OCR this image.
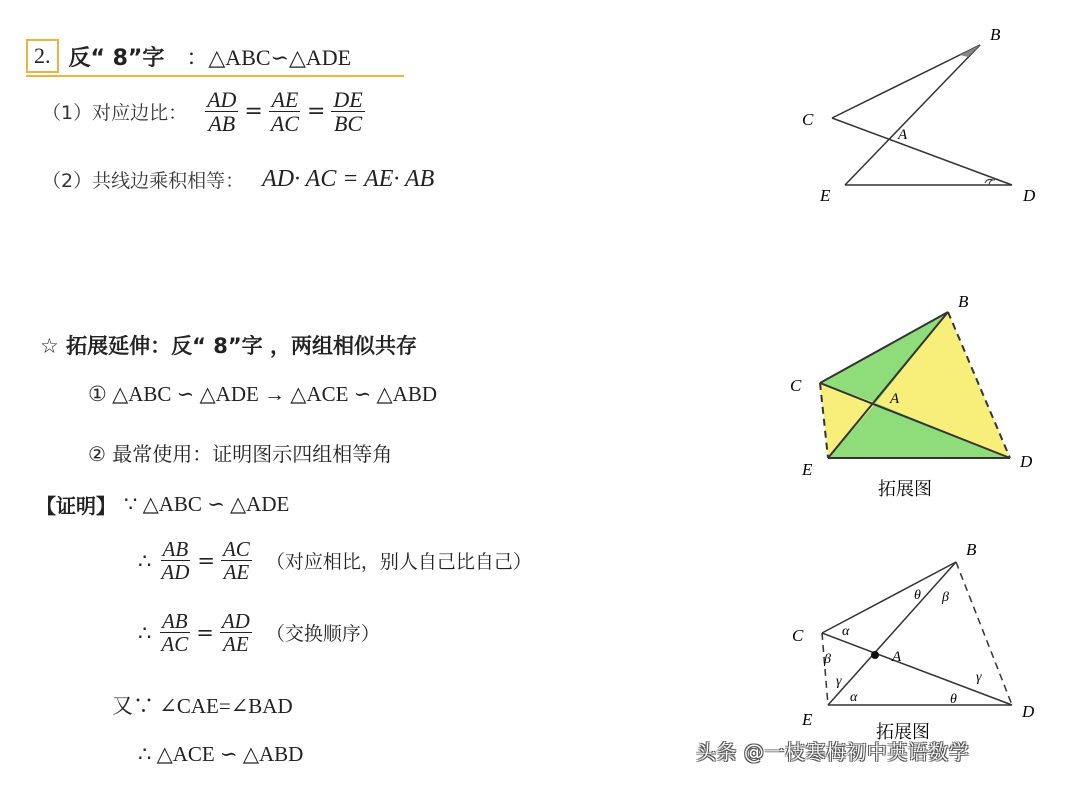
2. 反“ 8”字 ：△ABC∽△ADE
（1）对应边比： $\frac{AD}{AB} = \frac{AE}{AC} = \frac{DE}{BC}$
（2）共线边乘积相等： AD· AC = AE· AB
☆ 拓展延伸：反“ 8”字 ，两组相似共存
① △ABC ∽ △ADE → △ACE ∽ △ABD
② 最常使用：证明图示四组相等角
【证明】 ∵ △ABC ∽ △ADE
∴ $\frac{AB}{AD} = \frac{AC}{AE}$ （对应相比，别人自己比自己）
∴ $\frac{AB}{AC} = \frac{AD}{AE}$ （交换顺序）
又∵ ∠CAE=∠BAD
∴ △ACE ∽ △ABD
B
C
A
E	D
B
C
A
E	D
拓展图
B
C
A
E	D
α
β
γ
α
θ β
γ
θ
拓展图
头条 @一枝寒梅初中英语数学
